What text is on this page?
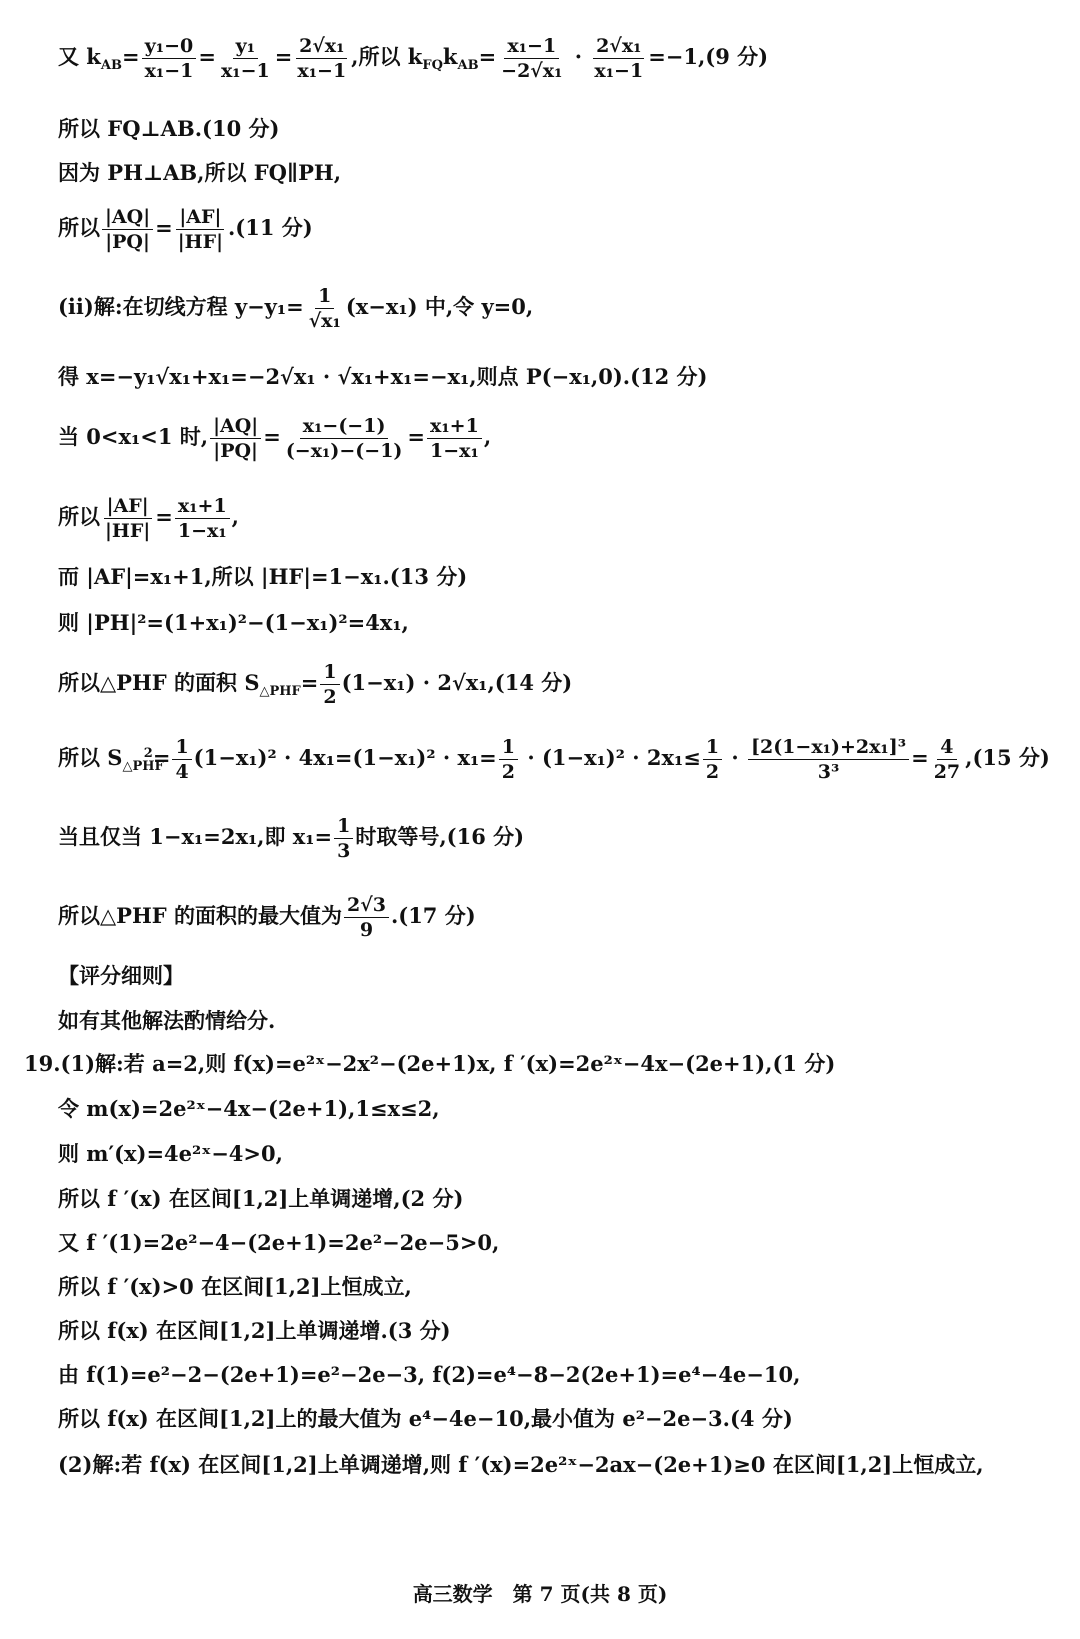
又 $k_{AB}= \frac{\text{y₁−0}}{\text{x₁−1}} = \frac{\text{y₁}}{\text{x₁−1}} = \frac{\text{2√x₁}}{\text{x₁−1}}$ ,所以 $k_{FQ}k_{AB}= \frac{\text{x₁−1}}{\text{−2√x₁}} \cdot \frac{\text{2√x₁}}{\text{x₁−1}} =-1,(9$ 分)
所以 FQ⊥AB.(10 分)
因为 PH⊥AB,所以 FQ∥PH,
所以 $\frac{|AQ|}{|PQ|} = \frac{|AF|}{|HF|} .(11$ 分)
(ii)解:在切线方程 $y-y_1= \frac{1}{\text{√x₁}} (x-x_1)$ 中,令 y=0,
得 x=−y₁√x₁+x₁=−2√x₁ · √x₁+x₁=−x₁,则点 P(−x₁,0).(12 分)
当 0<x₁<1 时, $\frac{|AQ|}{|PQ|} = \frac{\text{x₁−(−1)}}{\text{(−x₁)−(−1)}} = \frac{\text{x₁+1}}{\text{1−x₁}}$ ,
所以 $\frac{|AF|}{|HF|} = \frac{\text{x₁+1}}{\text{1−x₁}}$ ,
而 |AF|=x₁+1,所以 |HF|=1−x₁.(13 分)
则 |PH|²=(1+x₁)²−(1−x₁)²=4x₁,
所以△PHF 的面积 $S_{\triangle PHF}= \frac{1}{2} (1-x_1) \cdot 2√x_1,(14$ 分)
所以 $S_{\triangle PHF}^2= \frac{1}{4} (1-x_1)^2 \cdot 4x_1=(1-x_1)^2 \cdot x_1= \frac{1}{2} \cdot (1-x_1)^2 \cdot 2x_1\le \frac{1}{2} \cdot \frac{\text{[2(1−x₁)+2x₁]³}}{\text{3³}} = \frac{4}{27} ,(15$ 分)
当且仅当 1−x₁=2x₁,即 $x_1= \frac{1}{3}$ 时取等号,(16 分)
所以△PHF 的面积的最大值为 $\frac{2√3}{9} .(17$ 分)
【评分细则】
如有其他解法酌情给分.
19.(1)解:若 a=2,则 f(x)=e²ˣ−2x²−(2e+1)x, f ′(x)=2e²ˣ−4x−(2e+1),(1 分)
令 m(x)=2e²ˣ−4x−(2e+1),1≤x≤2,
则 m′(x)=4e²ˣ−4>0,
所以 f ′(x) 在区间[1,2]上单调递增,(2 分)
又 f ′(1)=2e²−4−(2e+1)=2e²−2e−5>0,
所以 f ′(x)>0 在区间[1,2]上恒成立,
所以 f(x) 在区间[1,2]上单调递增.(3 分)
由 f(1)=e²−2−(2e+1)=e²−2e−3, f(2)=e⁴−8−2(2e+1)=e⁴−4e−10,
所以 f(x) 在区间[1,2]上的最大值为 e⁴−4e−10,最小值为 e²−2e−3.(4 分)
(2)解:若 f(x) 在区间[1,2]上单调递增,则 f ′(x)=2e²ˣ−2ax−(2e+1)≥0 在区间[1,2]上恒成立,
高三数学　第 7 页(共 8 页)
